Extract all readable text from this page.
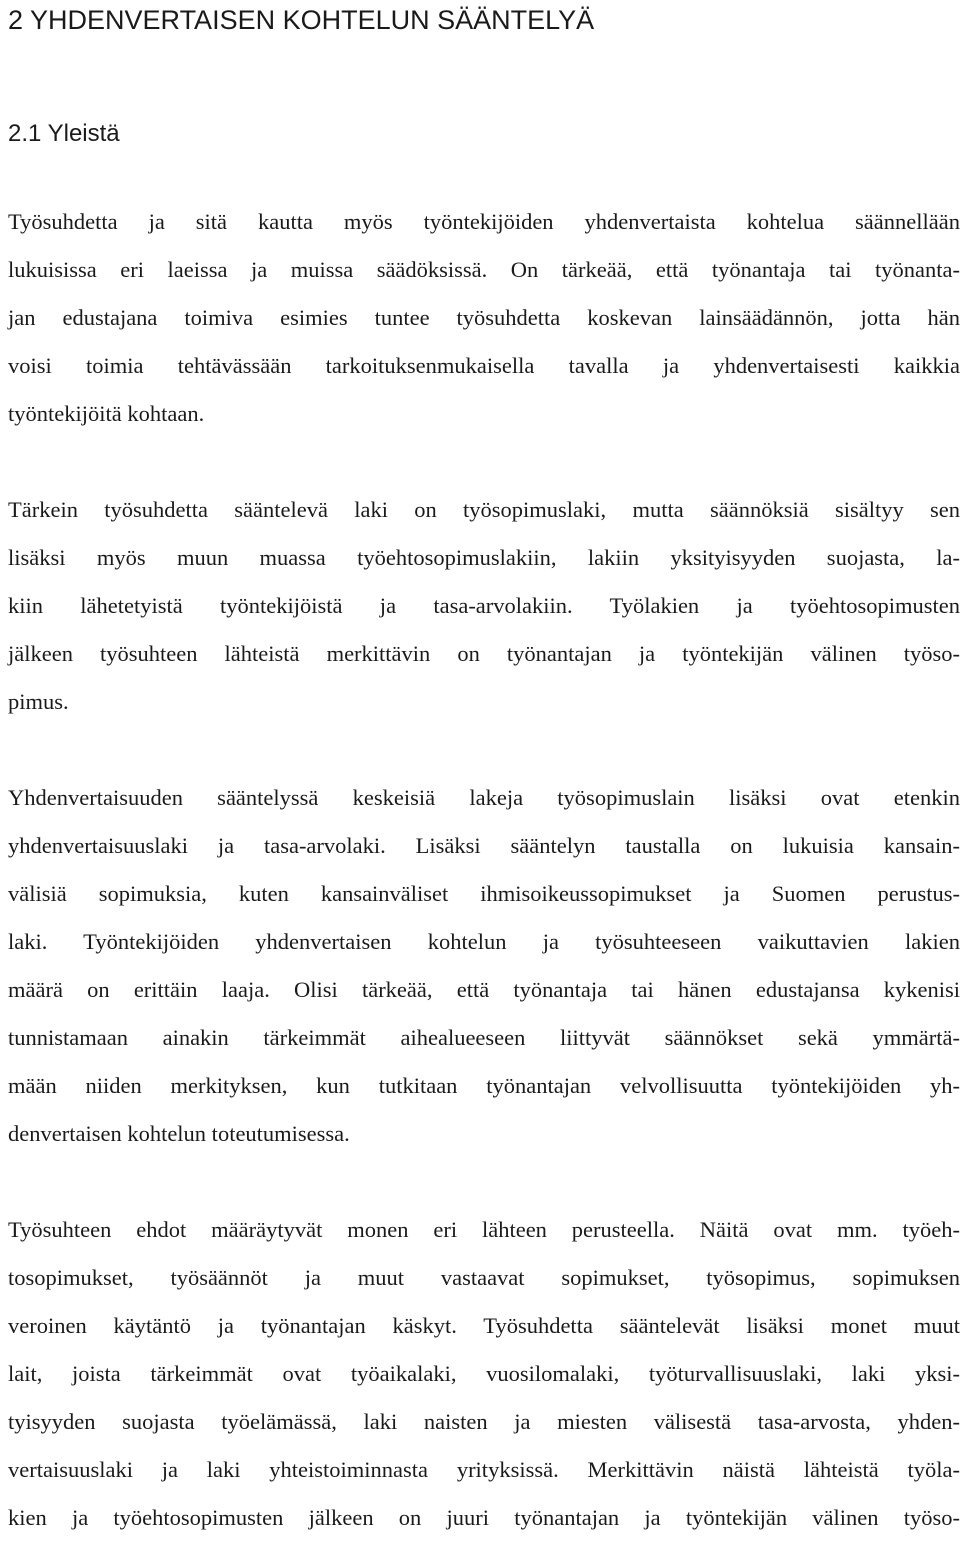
2 YHDENVERTAISEN KOHTELUN SÄÄNTELYÄ
2.1 Yleistä

Työsuhdetta ja sitä kautta myös työntekijöiden yhdenvertaista kohtelua säännellään
lukuisissa eri laeissa ja muissa säädöksissä. On tärkeää, että työnantaja tai työnanta-
jan edustajana toimiva esimies tuntee työsuhdetta koskevan lainsäädännön, jotta hän
voisi toimia tehtävässään tarkoituksenmukaisella tavalla ja yhdenvertaisesti kaikkia
työntekijöitä kohtaan.

Tärkein työsuhdetta sääntelevä laki on työsopimuslaki, mutta säännöksiä sisältyy sen
lisäksi myös muun muassa työehtosopimuslakiin, lakiin yksityisyyden suojasta, la-
kiin lähetetyistä työntekijöistä ja tasa-arvolakiin. Työlakien ja työehtosopimusten
jälkeen työsuhteen lähteistä merkittävin on työnantajan ja työntekijän välinen työso-
pimus.

Yhdenvertaisuuden sääntelyssä keskeisiä lakeja työsopimuslain lisäksi ovat etenkin
yhdenvertaisuuslaki ja tasa-arvolaki. Lisäksi sääntelyn taustalla on lukuisia kansain-
välisiä sopimuksia, kuten kansainväliset ihmisoikeussopimukset ja Suomen perustus-
laki. Työntekijöiden yhdenvertaisen kohtelun ja työsuhteeseen vaikuttavien lakien
määrä on erittäin laaja. Olisi tärkeää, että työnantaja tai hänen edustajansa kykenisi
tunnistamaan ainakin tärkeimmät aihealueeseen liittyvät säännökset sekä ymmärtä-
mään niiden merkityksen, kun tutkitaan työnantajan velvollisuutta työntekijöiden yh-
denvertaisen kohtelun toteutumisessa.

Työsuhteen ehdot määräytyvät monen eri lähteen perusteella. Näitä ovat mm. työeh-
tosopimukset, työsäännöt ja muut vastaavat sopimukset, työsopimus, sopimuksen
veroinen käytäntö ja työnantajan käskyt. Työsuhdetta sääntelevät lisäksi monet muut
lait, joista tärkeimmät ovat työaikalaki, vuosilomalaki, työturvallisuuslaki, laki yksi-
tyisyyden suojasta työelämässä, laki naisten ja miesten välisestä tasa-arvosta, yhden-
vertaisuuslaki ja laki yhteistoiminnasta yrityksissä. Merkittävin näistä lähteistä työla-
kien ja työehtosopimusten jälkeen on juuri työnantajan ja työntekijän välinen työso-
